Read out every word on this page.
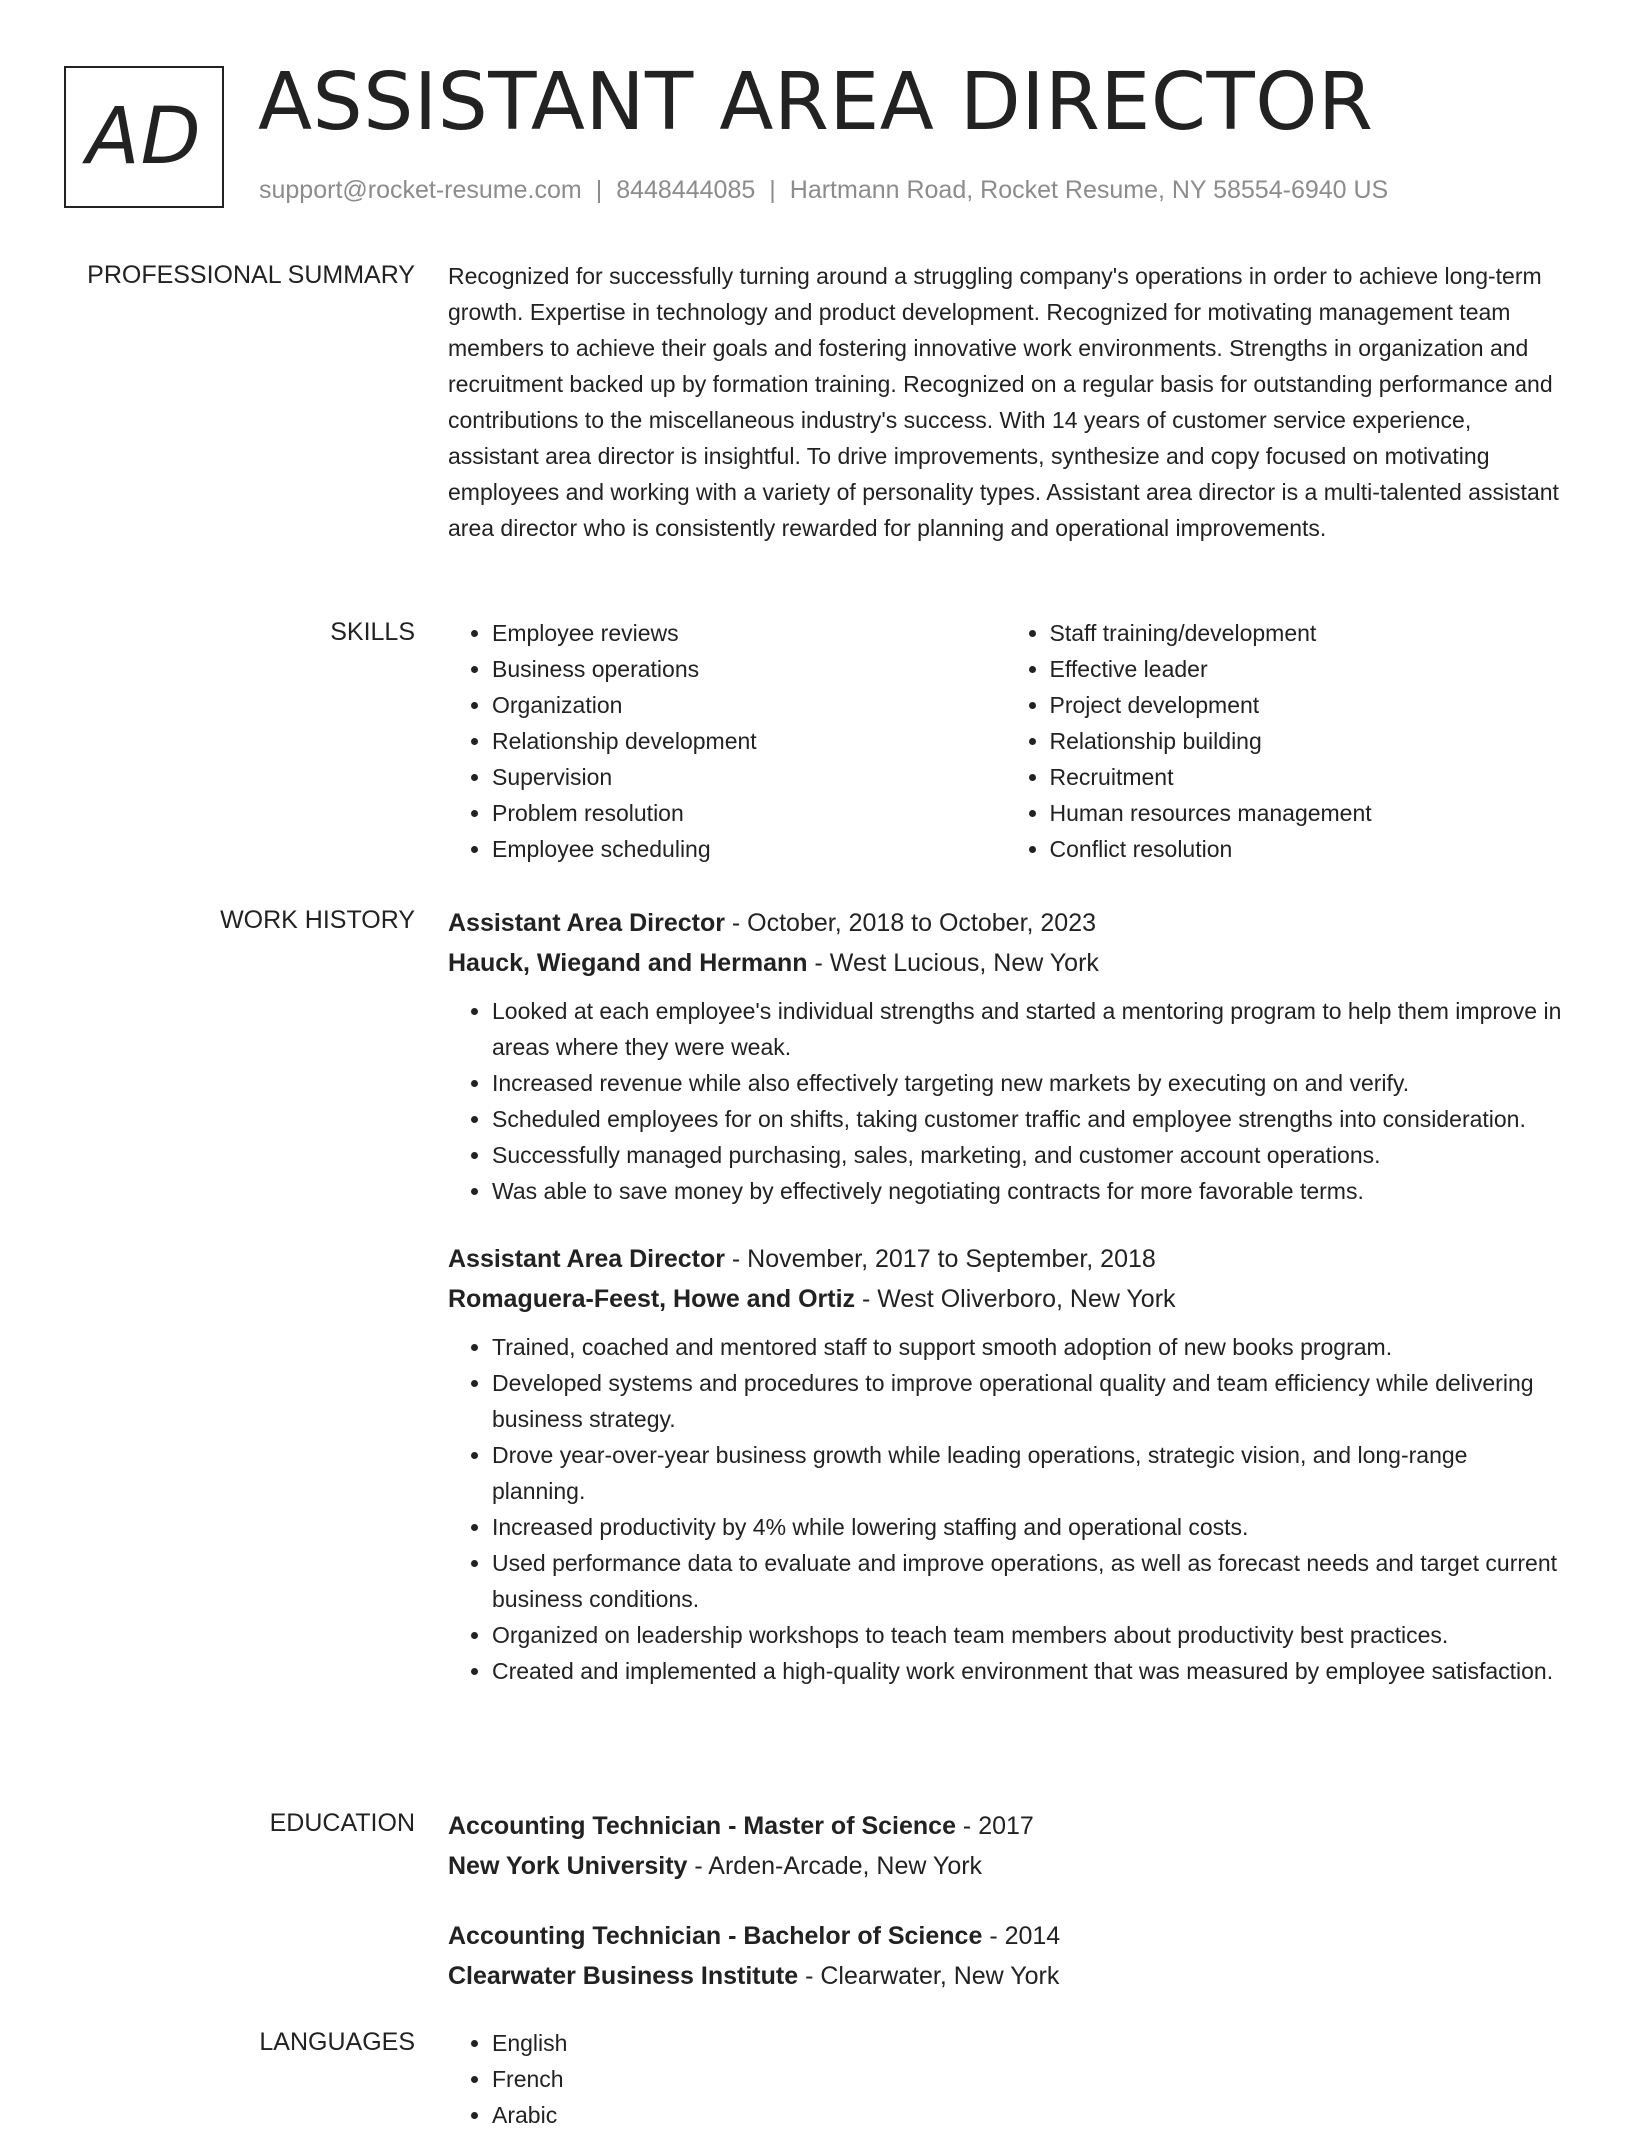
AD ASSISTANT AREA DIRECTOR
support@rocket-resume.com | 8448444085 | Hartmann Road, Rocket Resume, NY 58554-6940 US
PROFESSIONAL SUMMARY Recognized for successfully turning around a struggling company's operations in order to achieve long-term growth. Expertise in technology and product development. Recognized for motivating management team members to achieve their goals and fostering innovative work environments. Strengths in organization and recruitment backed up by formation training. Recognized on a regular basis for outstanding performance and contributions to the miscellaneous industry's success. With 14 years of customer service experience, assistant area director is insightful. To drive improvements, synthesize and copy focused on motivating employees and working with a variety of personality types. Assistant area director is a multi-talented assistant area director who is consistently rewarded for planning and operational improvements.

SKILLS	• Employee reviews
• Business operations
• Organization
• Relationship development
• Supervision
• Problem resolution
• Employee scheduling
• Staff training/development
• Effective leader
• Project development
• Relationship building
• Recruitment
• Human resources management
• Conflict resolution
WORK HISTORY Assistant Area Director - October, 2018 to October, 2023
Hauck, Wiegand and Hermann - West Lucious, New York
• Looked at each employee's individual strengths and started a mentoring program to help them improve in areas where they were weak.
• Increased revenue while also effectively targeting new markets by executing on and verify.
• Scheduled employees for on shifts, taking customer traffic and employee strengths into consideration.
• Successfully managed purchasing, sales, marketing, and customer account operations.
• Was able to save money by effectively negotiating contracts for more favorable terms.
Assistant Area Director - November, 2017 to September, 2018
Romaguera-Feest, Howe and Ortiz - West Oliverboro, New York
• Trained, coached and mentored staff to support smooth adoption of new books program.
• Developed systems and procedures to improve operational quality and team efficiency while delivering business strategy.
• Drove year-over-year business growth while leading operations, strategic vision, and long-range planning.
• Increased productivity by 4% while lowering staffing and operational costs.
• Used performance data to evaluate and improve operations, as well as forecast needs and target current business conditions.
• Organized on leadership workshops to teach team members about productivity best practices.
• Created and implemented a high-quality work environment that was measured by employee satisfaction.
EDUCATION Accounting Technician - Master of Science - 2017
New York University - Arden-Arcade, New York
Accounting Technician - Bachelor of Science - 2014
Clearwater Business Institute - Clearwater, New York
LANGUAGES	• English
• French
• Arabic
